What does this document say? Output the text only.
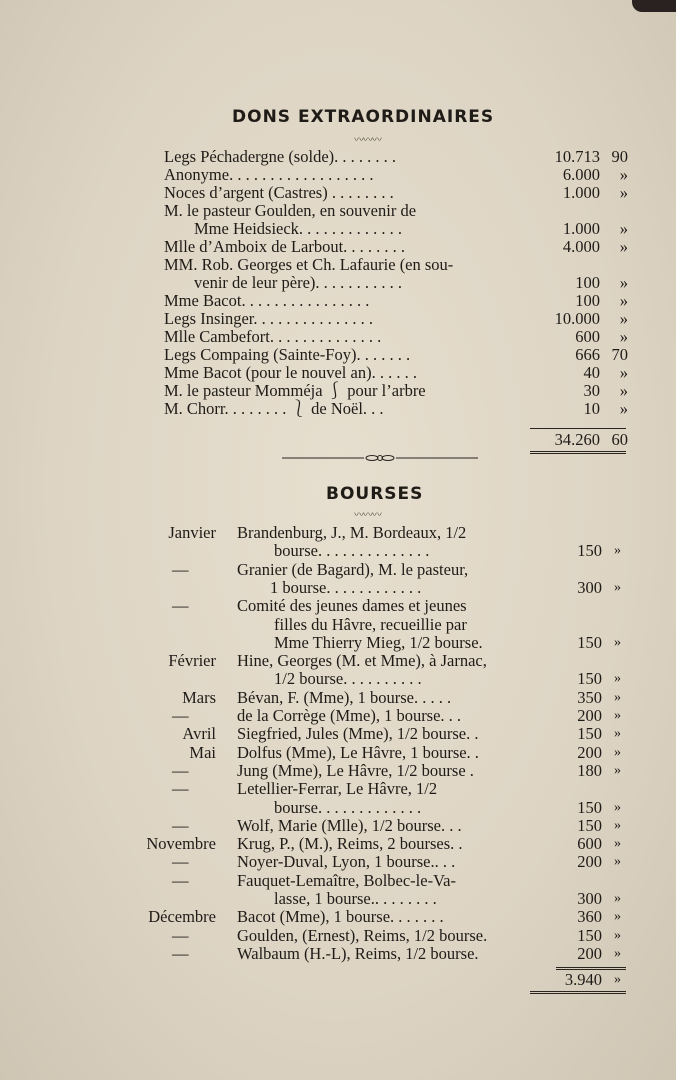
DONS EXTRAORDINAIRES
〰〰〰
Legs Péchadergne (solde). . . . . . . .	10.713 90
Anonyme. . . . . . . . . . . . . . . . . .	6.000	»
Noces d’argent (Castres) . . . . . . . .	1.000	»
M. le pasteur Goulden, en souvenir de
Mme Heidsieck. . . . . . . . . . . . .	1.000	»
Mlle d’Amboix de Larbout. . . . . . . .	4.000	»
MM. Rob. Georges et Ch. Lafaurie (en sou-
venir de leur père). . . . . . . . . . .	100	»
Mme Bacot. . . . . . . . . . . . . . . .	100	»
Legs Insinger. . . . . . . . . . . . . . .	10.000	»
Mlle Cambefort. . . . . . . . . . . . . .	600	»
Legs Compaing (Sainte-Foy). . . . . . .	666 70
Mme Bacot (pour le nouvel an). . . . . .	40	»
M. le pasteur Momméja ⎰ pour l’arbre	30	»
M. Chorr. . . . . . . . ⎱ de Noël. . .	10	»
34.260 60
BOURSES
〰〰〰
Janvier Brandenburg, J., M. Bordeaux, 1/2
bourse. . . . . . . . . . . . . .	150 »
—	Granier (de Bagard), M. le pasteur,
1 bourse. . . . . . . . . . . .	300 »
—	Comité des jeunes dames et jeunes
filles du Hâvre, recueillie par
Mme Thierry Mieg, 1/2 bourse.	150 »
Février Hine, Georges (M. et Mme), à Jarnac,
1/2 bourse. . . . . . . . . .	150 »
Mars Bévan, F. (Mme), 1 bourse. . . . .	350 »
—	de la Corrège (Mme), 1 bourse. . .	200 »
Avril Siegfried, Jules (Mme), 1/2 bourse. .	150 »
Mai Dolfus (Mme), Le Hâvre, 1 bourse. .	200 »
—	Jung (Mme), Le Hâvre, 1/2 bourse .	180 »
—	Letellier-Ferrar, Le Hâvre, 1/2
bourse. . . . . . . . . . . . .	150 »
—	Wolf, Marie (Mlle), 1/2 bourse. . .	150 »
Novembre Krug, P., (M.), Reims, 2 bourses. .	600 »
—	Noyer-Duval, Lyon, 1 bourse.. . .	200 »
—	Fauquet-Lemaître, Bolbec-le-Va-
lasse, 1 bourse.. . . . . . . .	300 »
Décembre Bacot (Mme), 1 bourse. . . . . . .	360 »
—	Goulden, (Ernest), Reims, 1/2 bourse.	150 »
—	Walbaum (H.-L), Reims, 1/2 bourse.	200 »
3.940 »
